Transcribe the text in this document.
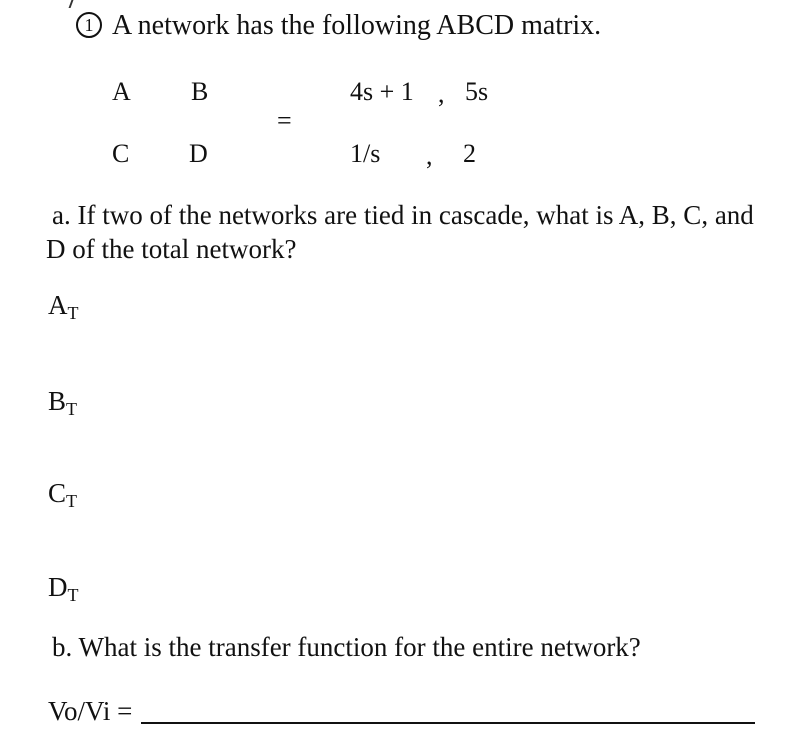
1 A network has the following ABCD matrix.
A B
C D
=
4s + 1 , 5s
1/s , 2
a. If two of the networks are tied in cascade, what is A, B, C, and
D of the total network?
$A_T$
$B_T$
$C_T$
$D_T$
b. What is the transfer function for the entire network?
Vo/Vi =
